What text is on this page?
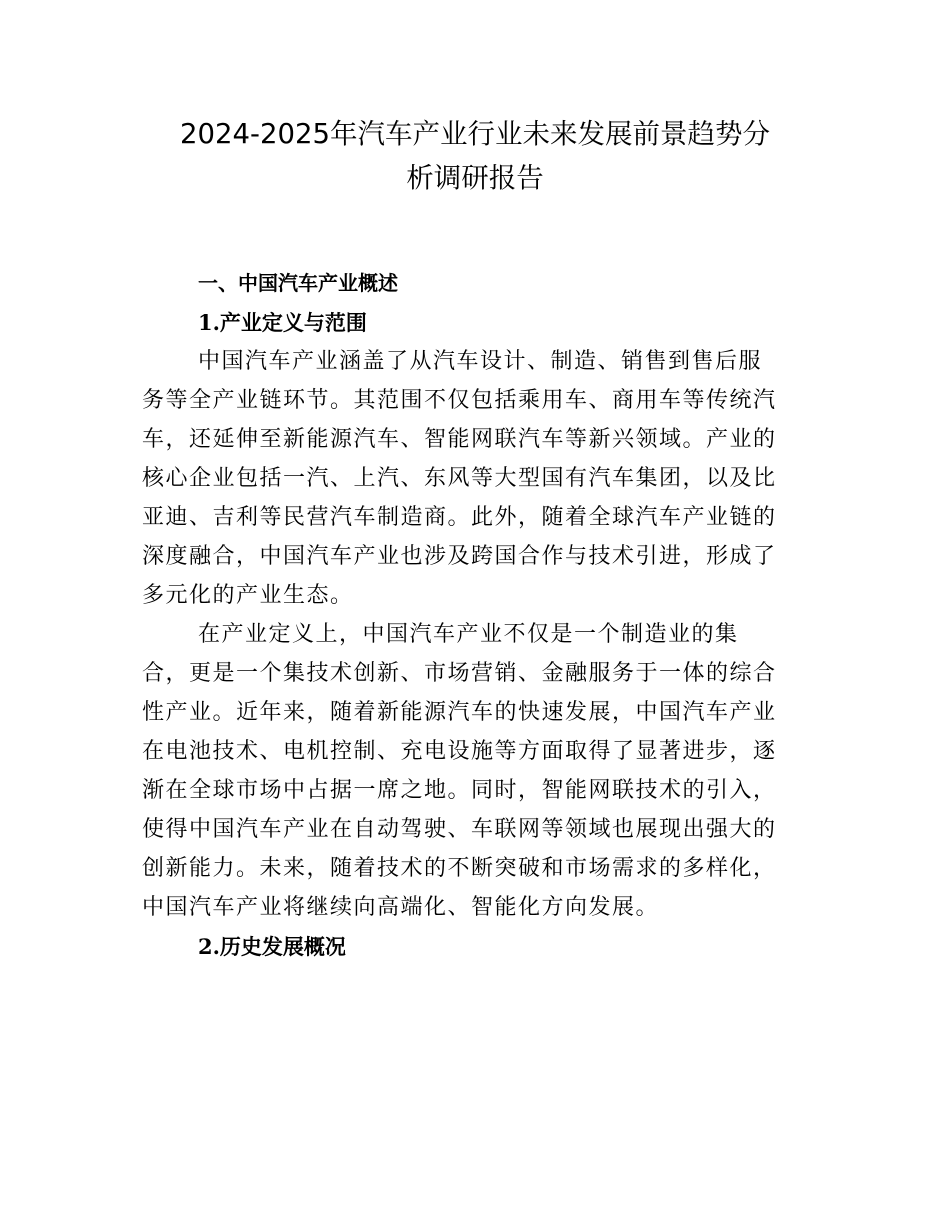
2024-2025年汽车产业行业未来发展前景趋势分
析调研报告
一、中国汽车产业概述
1.产业定义与范围

中国汽车产业涵盖了从汽车设计、制造、销售到售后服
务等全产业链环节。其范围不仅包括乘用车、商用车等传统汽
车，还延伸至新能源汽车、智能网联汽车等新兴领域。产业的
核心企业包括一汽、上汽、东风等大型国有汽车集团，以及比
亚迪、吉利等民营汽车制造商。此外，随着全球汽车产业链的
深度融合，中国汽车产业也涉及跨国合作与技术引进，形成了
多元化的产业生态。

在产业定义上，中国汽车产业不仅是一个制造业的集
合，更是一个集技术创新、市场营销、金融服务于一体的综合
性产业。近年来，随着新能源汽车的快速发展，中国汽车产业
在电池技术、电机控制、充电设施等方面取得了显著进步，逐
渐在全球市场中占据一席之地。同时，智能网联技术的引入，
使得中国汽车产业在自动驾驶、车联网等领域也展现出强大的
创新能力。未来，随着技术的不断突破和市场需求的多样化，
中国汽车产业将继续向高端化、智能化方向发展。

2.历史发展概况
